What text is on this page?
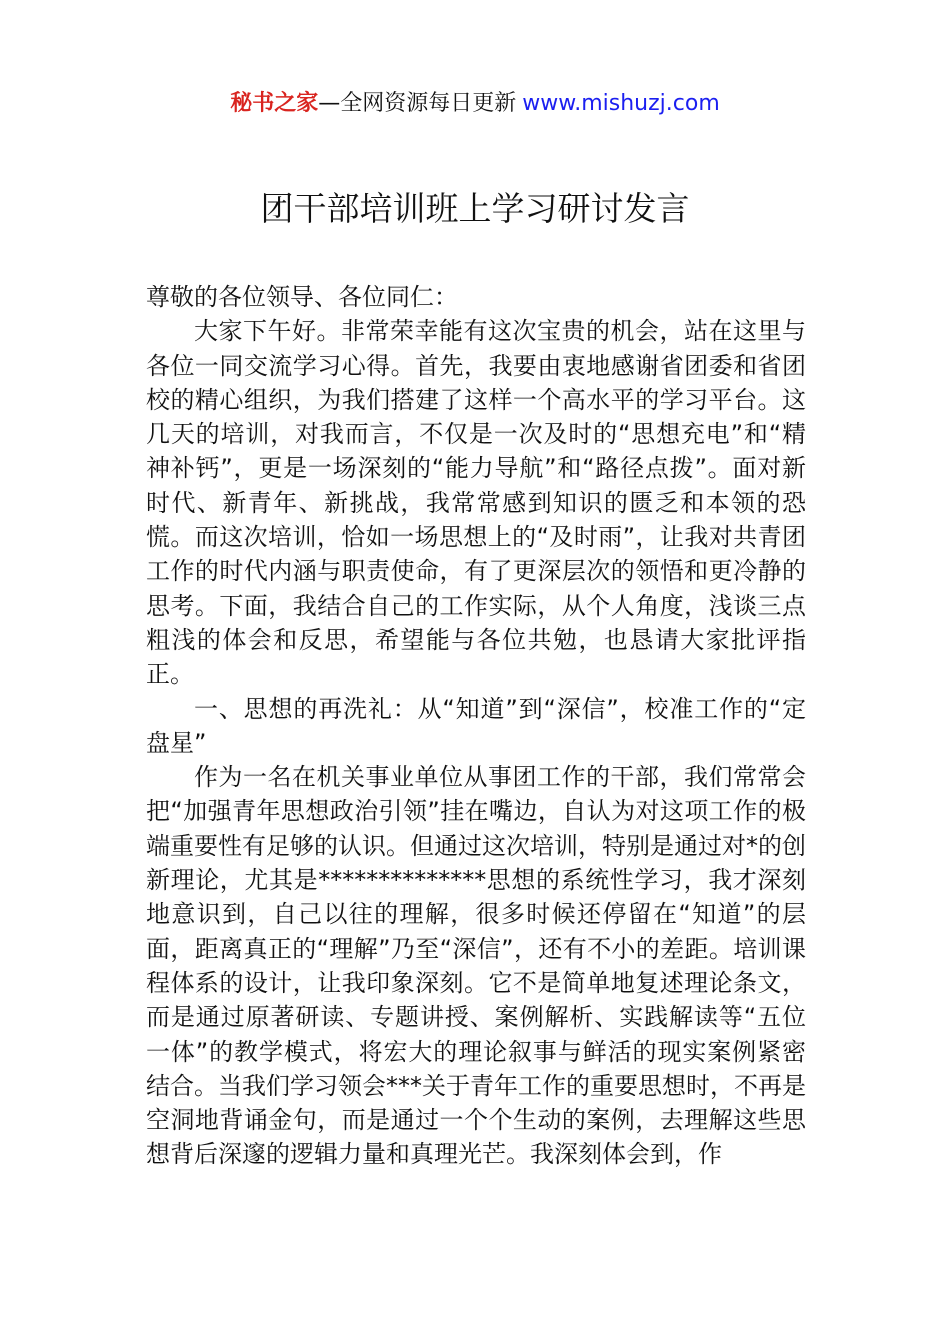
秘书之家—全网资源每日更新 www.mishuzj.com
团干部培训班上学习研讨发言

尊敬的各位领导、各位同仁：

大家下午好。非常荣幸能有这次宝贵的机会，站在这里与各位一同交流学习心得。首先，我要由衷地感谢省团委和省团校的精心组织，为我们搭建了这样一个高水平的学习平台。这几天的培训，对我而言，不仅是一次及时的“思想充电”和“精神补钙”，更是一场深刻的“能力导航”和“路径点拨”。面对新时代、新青年、新挑战，我常常感到知识的匮乏和本领的恐慌。而这次培训，恰如一场思想上的“及时雨”，让我对共青团工作的时代内涵与职责使命，有了更深层次的领悟和更冷静的思考。下面，我结合自己的工作实际，从个人角度，浅谈三点粗浅的体会和反思，希望能与各位共勉，也恳请大家批评指正。

一、思想的再洗礼：从“知道”到“深信”，校准工作的“定盘星”

作为一名在机关事业单位从事团工作的干部，我们常常会把“加强青年思想政治引领”挂在嘴边，自认为对这项工作的极端重要性有足够的认识。但通过这次培训，特别是通过对*的创新理论，尤其是**************思想的系统性学习，我才深刻地意识到，自己以往的理解，很多时候还停留在“知道”的层面，距离真正的“理解”乃至“深信”，还有不小的差距。培训课程体系的设计，让我印象深刻。它不是简单地复述理论条文，而是通过原著研读、专题讲授、案例解析、实践解读等“五位一体”的教学模式，将宏大的理论叙事与鲜活的现实案例紧密结合。当我们学习领会***关于青年工作的重要思想时，不再是空洞地背诵金句，而是通过一个个生动的案例，去理解这些思想背后深邃的逻辑力量和真理光芒。我深刻体会到，作
